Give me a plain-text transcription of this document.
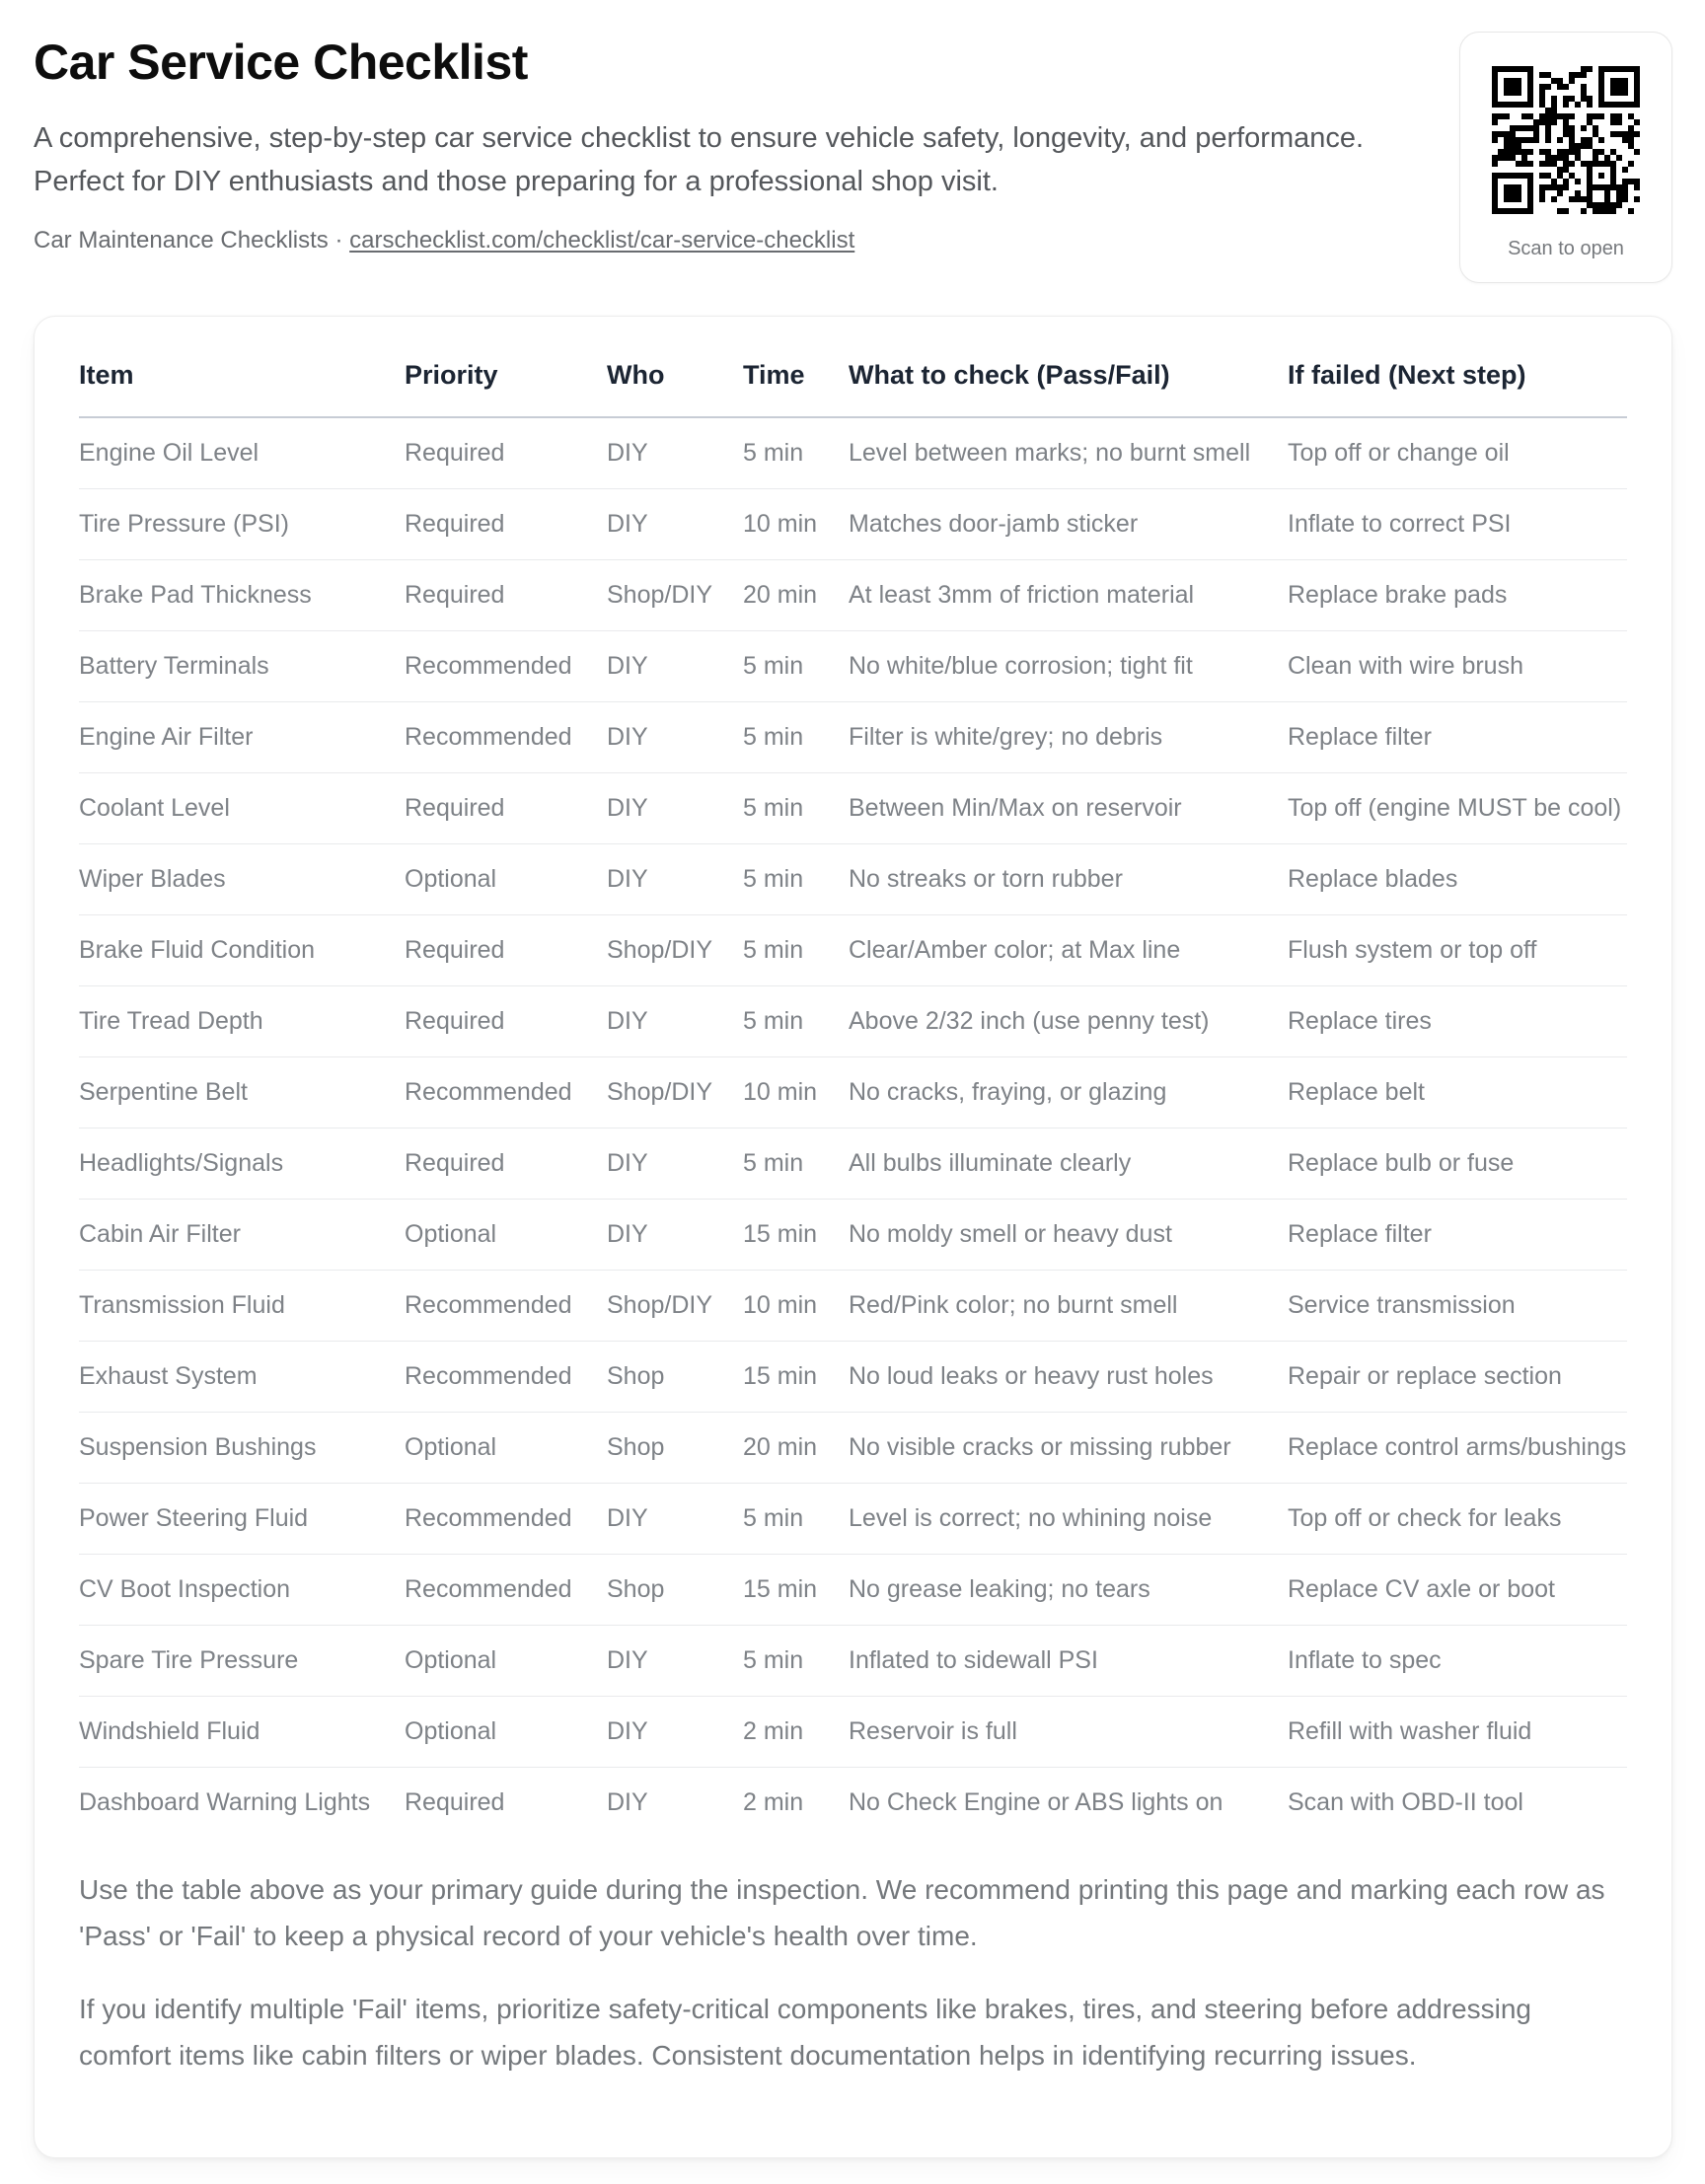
Car Service Checklist

A comprehensive, step-by-step car service checklist to ensure vehicle safety, longevity, and performance. Perfect for DIY enthusiasts and those preparing for a professional shop visit.

Car Maintenance Checklists · carschecklist.com/checklist/car-service-checklist	Scan to open
Item	Priority	Who	Time	What to check (Pass/Fail)	If failed (Next step)
Engine Oil Level	Required	DIY	5 min	Level between marks; no burnt smell	Top off or change oil
Tire Pressure (PSI)	Required	DIY	10 min	Matches door-jamb sticker	Inflate to correct PSI
Brake Pad Thickness	Required	Shop/DIY	20 min	At least 3mm of friction material	Replace brake pads
Battery Terminals	Recommended	DIY	5 min	No white/blue corrosion; tight fit	Clean with wire brush
Engine Air Filter	Recommended	DIY	5 min	Filter is white/grey; no debris	Replace filter
Coolant Level	Required	DIY	5 min	Between Min/Max on reservoir	Top off (engine MUST be cool)
Wiper Blades	Optional	DIY	5 min	No streaks or torn rubber	Replace blades
Brake Fluid Condition	Required	Shop/DIY	5 min	Clear/Amber color; at Max line	Flush system or top off
Tire Tread Depth	Required	DIY	5 min	Above 2/32 inch (use penny test)	Replace tires
Serpentine Belt	Recommended	Shop/DIY	10 min	No cracks, fraying, or glazing	Replace belt
Headlights/Signals	Required	DIY	5 min	All bulbs illuminate clearly	Replace bulb or fuse
Cabin Air Filter	Optional	DIY	15 min	No moldy smell or heavy dust	Replace filter
Transmission Fluid	Recommended	Shop/DIY	10 min	Red/Pink color; no burnt smell	Service transmission
Exhaust System	Recommended	Shop	15 min	No loud leaks or heavy rust holes	Repair or replace section
Suspension Bushings	Optional	Shop	20 min	No visible cracks or missing rubber	Replace control arms/bushings
Power Steering Fluid	Recommended	DIY	5 min	Level is correct; no whining noise	Top off or check for leaks
CV Boot Inspection	Recommended	Shop	15 min	No grease leaking; no tears	Replace CV axle or boot
Spare Tire Pressure	Optional	DIY	5 min	Inflated to sidewall PSI	Inflate to spec
Windshield Fluid	Optional	DIY	2 min	Reservoir is full	Refill with washer fluid
Dashboard Warning Lights	Required	DIY	2 min	No Check Engine or ABS lights on	Scan with OBD-II tool

Use the table above as your primary guide during the inspection. We recommend printing this page and marking each row as 'Pass' or 'Fail' to keep a physical record of your vehicle's health over time.

If you identify multiple 'Fail' items, prioritize safety-critical components like brakes, tires, and steering before addressing comfort items like cabin filters or wiper blades. Consistent documentation helps in identifying recurring issues.
